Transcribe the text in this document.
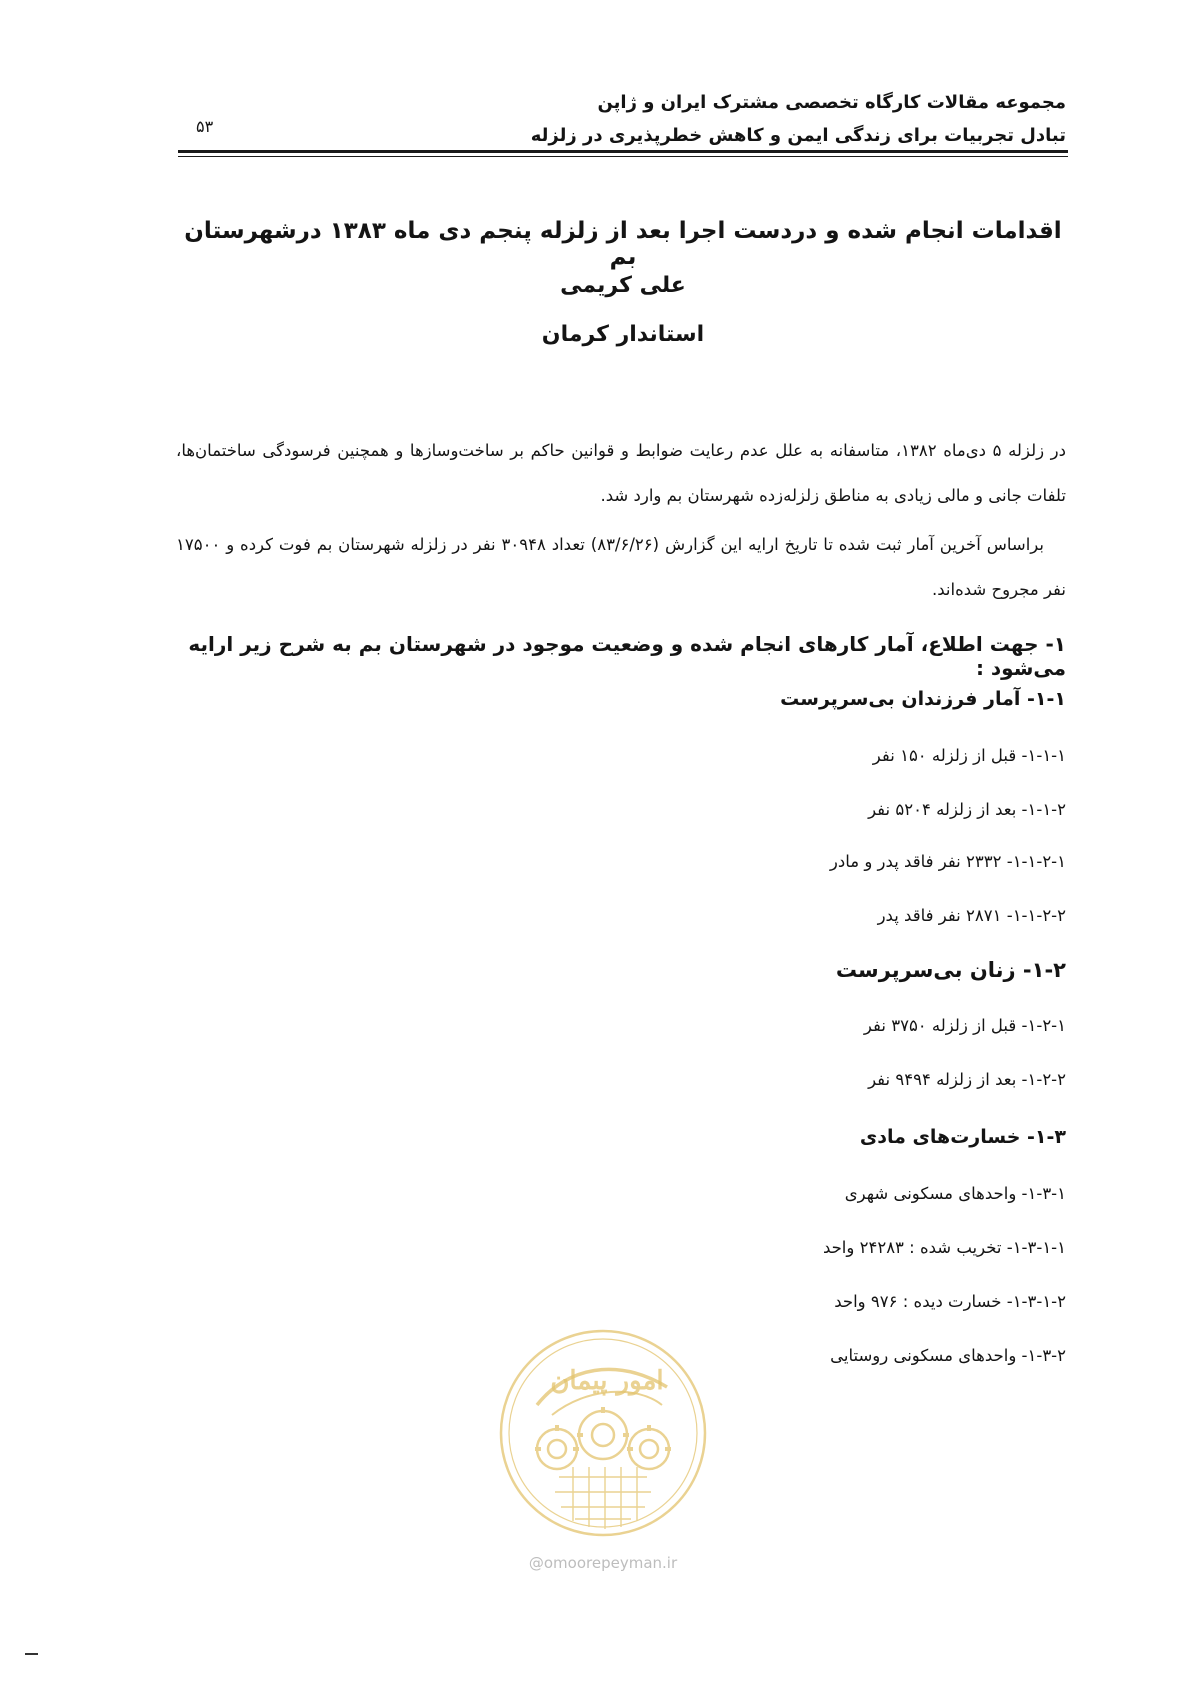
مجموعه مقالات کارگاه تخصصی مشترک ایران و ژاپن
تبادل تجربیات برای زندگی ایمن و کاهش خطرپذیری در زلزله
۵۳
اقدامات انجام شده و دردست اجرا بعد از زلزله پنجم دی ماه ۱۳۸۳ درشهرستان بم
علی کریمی
استاندار کرمان
در زلزله ۵ دی‌ماه ۱۳۸۲، متاسفانه به علل عدم رعایت ضوابط و قوانین حاکم بر ساخت‌وسازها و همچنین فرسودگی ساختمان‌ها، تلفات جانی و مالی زیادی به مناطق زلزله‌زده شهرستان بم وارد شد.
براساس آخرین آمار ثبت شده تا تاریخ ارایه این گزارش (۸۳/۶/۲۶) تعداد ۳۰۹۴۸ نفر در زلزله شهرستان بم فوت کرده و ۱۷۵۰۰ نفر مجروح شده‌اند.
۱- جهت اطلاع، آمار کارهای انجام شده و وضعیت موجود در شهرستان بم به شرح زیر ارایه می‌شود :
۱-۱- آمار فرزندان بی‌سرپرست
۱-۱-۱- قبل از زلزله ۱۵۰ نفر
۱-۱-۲- بعد از زلزله ۵۲۰۴ نفر
۱-۱-۲-۱- ۲۳۳۲ نفر فاقد پدر و مادر
۱-۱-۲-۲- ۲۸۷۱ نفر فاقد پدر
۱-۲- زنان بی‌سرپرست
۱-۲-۱- قبل از زلزله ۳۷۵۰ نفر
۱-۲-۲- بعد از زلزله ۹۴۹۴ نفر
۱-۳- خسارت‌های مادی
۱-۳-۱- واحدهای مسکونی شهری
۱-۳-۱-۱- تخریب شده : ۲۴۲۸۳ واحد
۱-۳-۱-۲- خسارت دیده : ۹۷۶ واحد
۱-۳-۲- واحدهای مسکونی روستایی
امور پیمان
@omoorepeyman.ir
